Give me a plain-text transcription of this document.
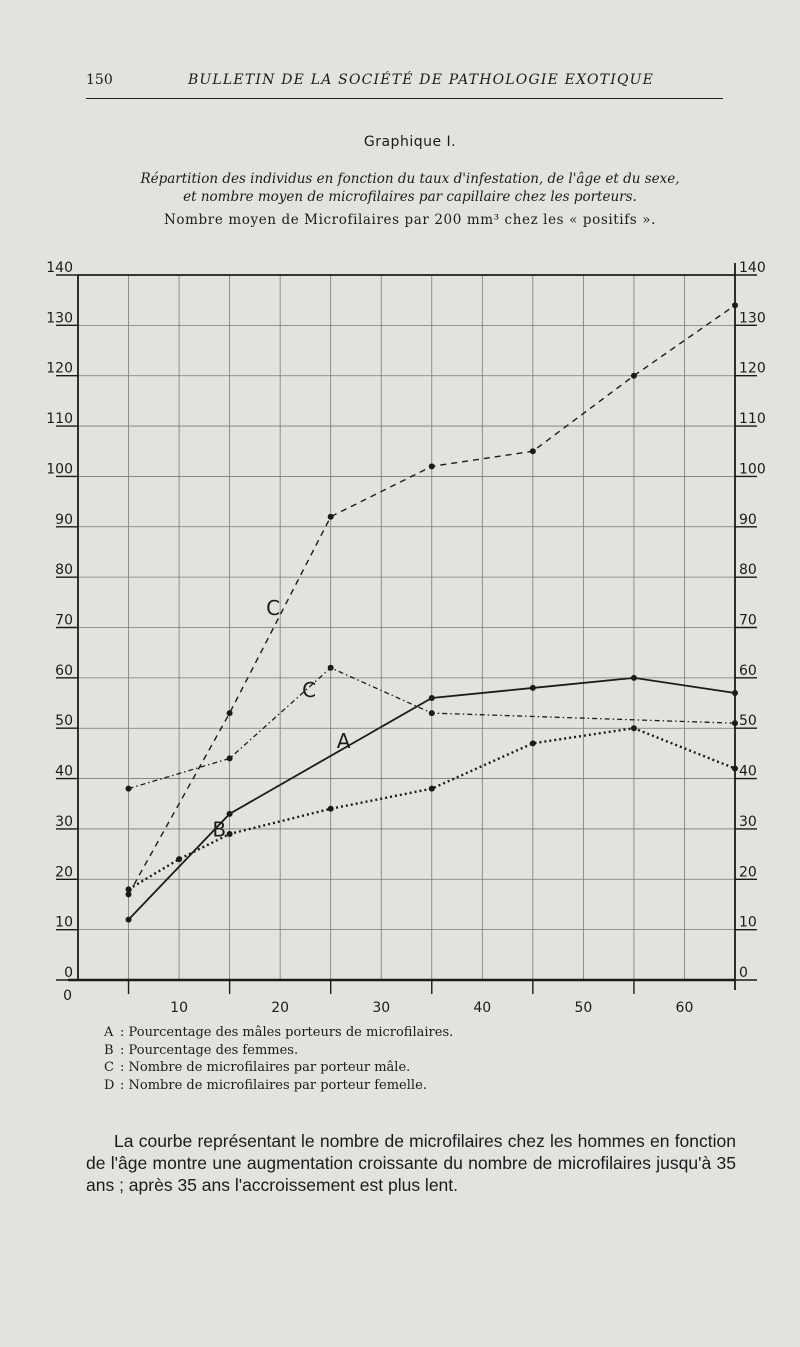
150	BULLETIN DE LA SOCIÉTÉ DE PATHOLOGIE EXOTIQUE
Graphique I.
Répartition des individus en fonction du taux d'infestation, de l'âge et du sexe,
et nombre moyen de microfilaires par capillaire chez les porteurs.
Nombre moyen de Microfilaires par 200 mm³ chez les « positifs ».
0
10
20
30
40
50
60
70
80
90
100
110
120
130
140
0
10
20
30
40
50
60
70
80
90
100
110
120
130
140
10	20	30	40	50	60
0
A
B
C
C
A : Pourcentage des mâles porteurs de microfilaires.
B : Pourcentage des femmes.
C : Nombre de microfilaires par porteur mâle.
D : Nombre de microfilaires par porteur femelle.
La courbe représentant le nombre de microfilaires chez les hommes en fonction de l'âge montre une augmentation croissante du nombre de microfilaires jusqu'à 35 ans ; après 35 ans l'accroissement est plus lent.
